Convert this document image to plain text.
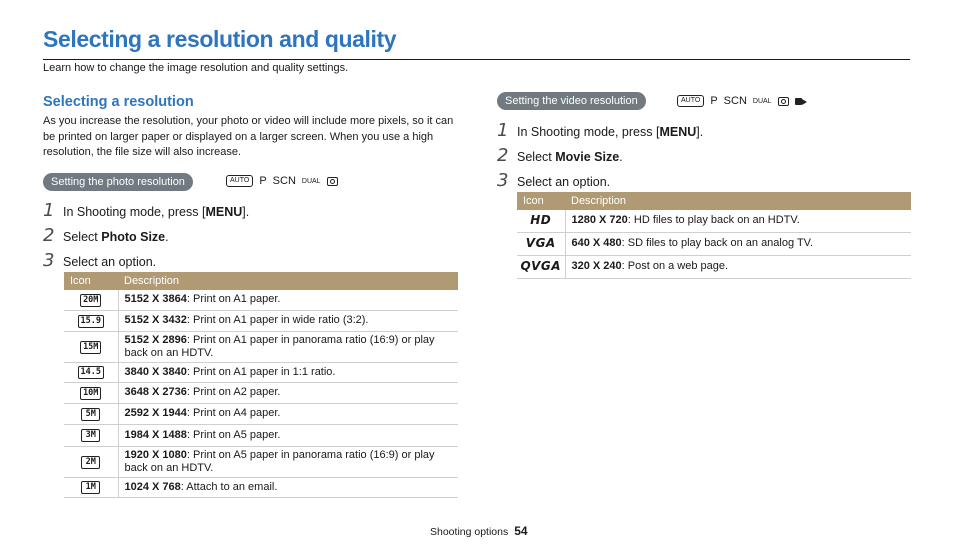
Selecting a resolution and quality
Learn how to change the image resolution and quality settings.
Selecting a resolution
As you increase the resolution, your photo or video will include more pixels, so it can be printed on larger paper or displayed on a larger screen. When you use a high resolution, the file size will also increase.
Setting the photo resolution	AUTO P SCN DUAL
1 In Shooting mode, press [ MENU ].
2 Select
Photo Size .
3 Select an option.
Icon	Description
20M	5152 X 3864: Print on A1 paper.
15.9	5152 X 3432: Print on A1 paper in wide ratio (3:2).
15M	5152 X 2896: Print on A1 paper in panorama ratio (16:9) or play back on an HDTV.
14.5	3840 X 3840: Print on A1 paper in 1:1 ratio.
10M	3648 X 2736: Print on A2 paper.
5M	2592 X 1944: Print on A4 paper.
3M	1984 X 1488: Print on A5 paper.
2M	1920 X 1080: Print on A5 paper in panorama ratio (16:9) or play back on an HDTV.
1M	1024 X 768: Attach to an email.
Setting the video resolution	AUTO P SCN DUAL
1 In Shooting mode, press [ MENU ].
2 Select
Movie Size .
3 Select an option.
Icon	Description
HD	1280 X 720: HD files to play back on an HDTV.
VGA	640 X 480: SD files to play back on an analog TV.
QVGA	320 X 240: Post on a web page.
Shooting options 54
